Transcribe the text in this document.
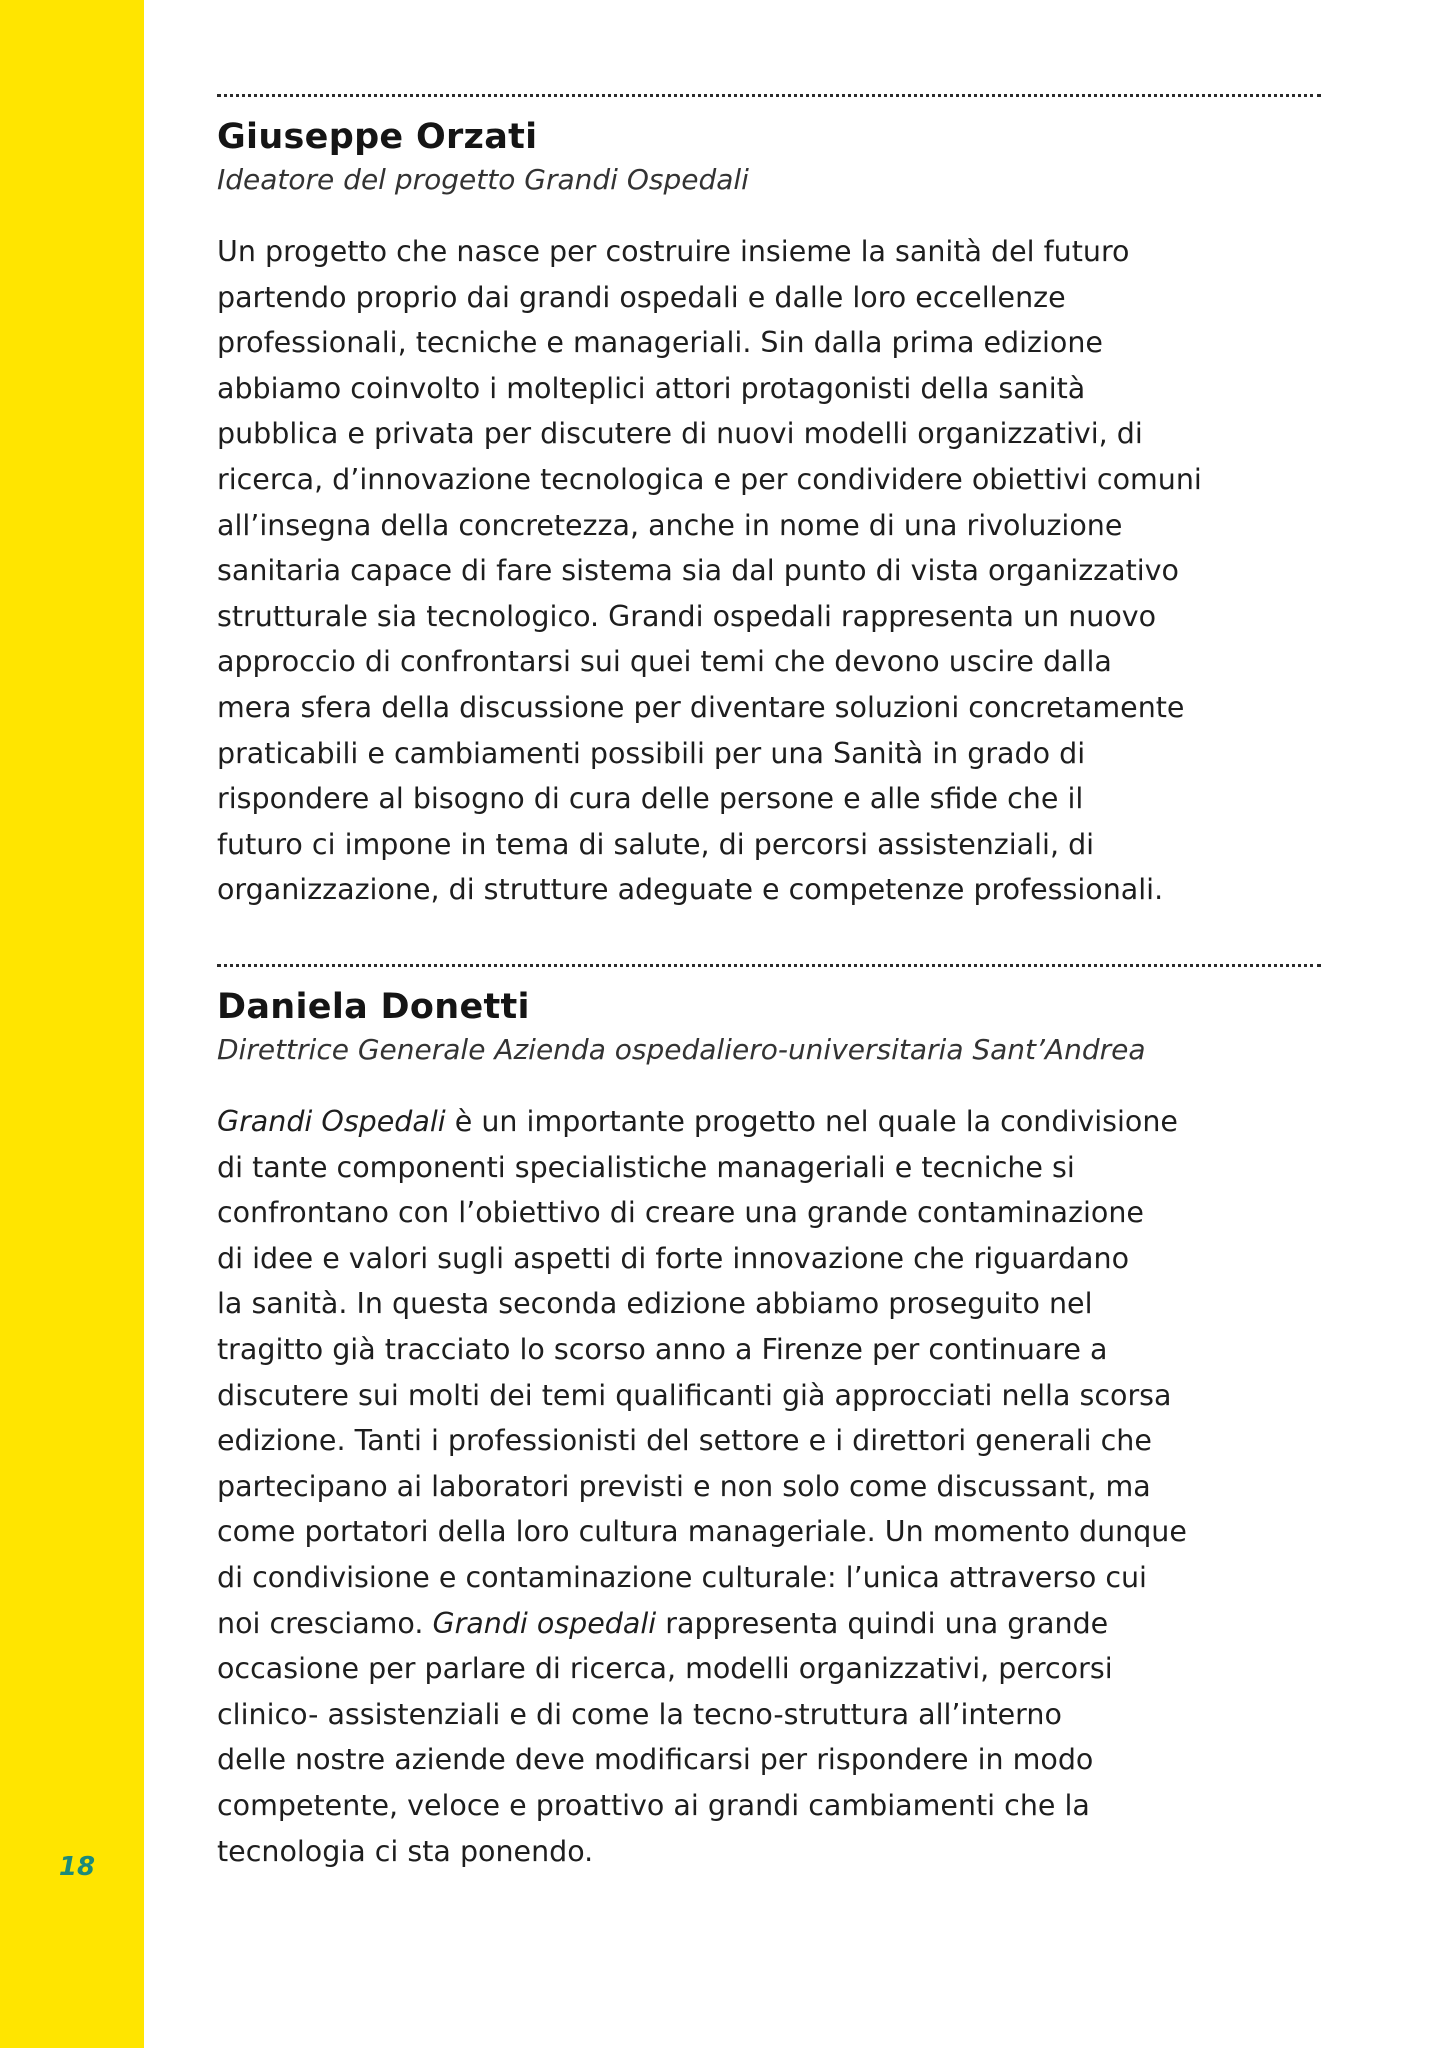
18
Giuseppe Orzati

Ideatore del progetto Grandi Ospedali

Un progetto che nasce per costruire insieme la sanità del futuro
partendo proprio dai grandi ospedali e dalle loro eccellenze
professionali, tecniche e manageriali. Sin dalla prima edizione
abbiamo coinvolto i molteplici attori protagonisti della sanità
pubblica e privata per discutere di nuovi modelli organizzativi, di
ricerca, d’innovazione tecnologica e per condividere obiettivi comuni
all’insegna della concretezza, anche in nome di una rivoluzione
sanitaria capace di fare sistema sia dal punto di vista organizzativo
strutturale sia tecnologico. Grandi ospedali rappresenta un nuovo
approccio di confrontarsi sui quei temi che devono uscire dalla
mera sfera della discussione per diventare soluzioni concretamente
praticabili e cambiamenti possibili per una Sanità in grado di
rispondere al bisogno di cura delle persone e alle sfide che il
futuro ci impone in tema di salute, di percorsi assistenziali, di
organizzazione, di strutture adeguate e competenze professionali.

Daniela Donetti

Direttrice Generale Azienda ospedaliero-universitaria Sant’Andrea

Grandi Ospedali è un importante progetto nel quale la condivisione
di tante componenti specialistiche manageriali e tecniche si
confrontano con l’obiettivo di creare una grande contaminazione
di idee e valori sugli aspetti di forte innovazione che riguardano
la sanità. In questa seconda edizione abbiamo proseguito nel
tragitto già tracciato lo scorso anno a Firenze per continuare a
discutere sui molti dei temi qualificanti già approcciati nella scorsa
edizione. Tanti i professionisti del settore e i direttori generali che
partecipano ai laboratori previsti e non solo come discussant, ma
come portatori della loro cultura manageriale. Un momento dunque
di condivisione e contaminazione culturale: l’unica attraverso cui
noi cresciamo. Grandi ospedali rappresenta quindi una grande
occasione per parlare di ricerca, modelli organizzativi, percorsi
clinico- assistenziali e di come la tecno-struttura all’interno
delle nostre aziende deve modificarsi per rispondere in modo
competente, veloce e proattivo ai grandi cambiamenti che la
tecnologia ci sta ponendo.
